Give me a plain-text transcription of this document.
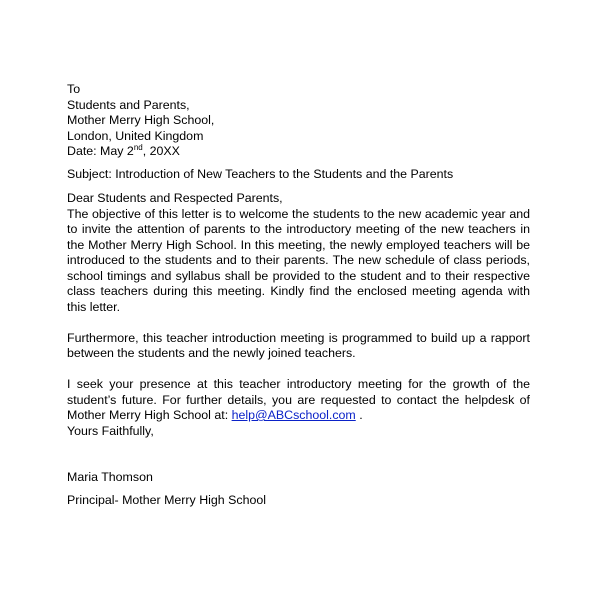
To
Students and Parents,
Mother Merry High School,
London, United Kingdom
Date: May 2nd, 20XX
Subject: Introduction of New Teachers to the Students and the Parents
Dear Students and Respected Parents,
The objective of this letter is to welcome the students to the new academic year and to invite the attention of parents to the introductory meeting of the new teachers in the Mother Merry High School. In this meeting, the newly employed teachers will be introduced to the students and to their parents. The new schedule of class periods, school timings and syllabus shall be provided to the student and to their respective class teachers during this meeting. Kindly find the enclosed meeting agenda with this letter.
Furthermore, this teacher introduction meeting is programmed to build up a rapport between the students and the newly joined teachers.
I seek your presence at this teacher introductory meeting for the growth of the student’s future. For further details, you are requested to contact the helpdesk of Mother Merry High School at: help@ABCschool.com .
Yours Faithfully,
Maria Thomson
Principal- Mother Merry High School
